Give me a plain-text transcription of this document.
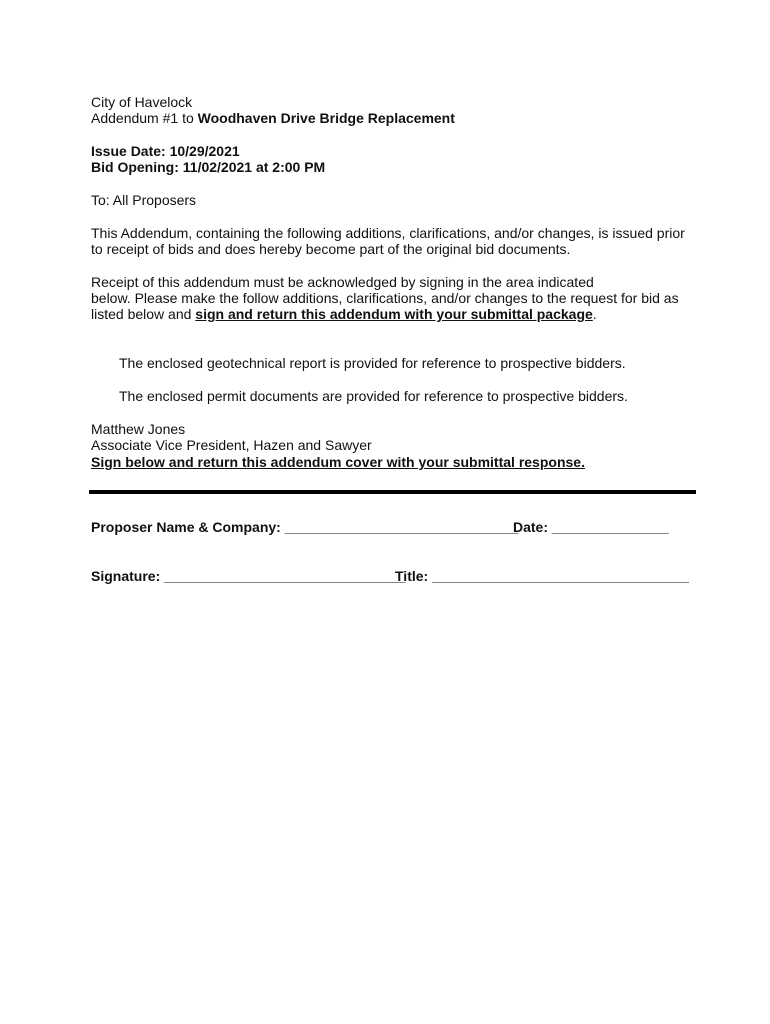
City of Havelock
Addendum #1 to Woodhaven Drive Bridge Replacement
Issue Date: 10/29/2021
Bid Opening: 11/02/2021 at 2:00 PM
To: All Proposers
This Addendum, containing the following additions, clarifications, and/or changes, is issued prior
to receipt of bids and does hereby become part of the original bid documents.
Receipt of this addendum must be acknowledged by signing in the area indicated
below. Please make the follow additions, clarifications, and/or changes to the request for bid as
listed below and sign and return this addendum with your submittal package.
The enclosed geotechnical report is provided for reference to prospective bidders.
The enclosed permit documents are provided for reference to prospective bidders.
Matthew Jones
Associate Vice President, Hazen and Sawyer
Sign below and return this addendum cover with your submittal response.
Proposer Name & Company: ______________________________
Date: _______________
Signature: _______________________________
Title: _________________________________
